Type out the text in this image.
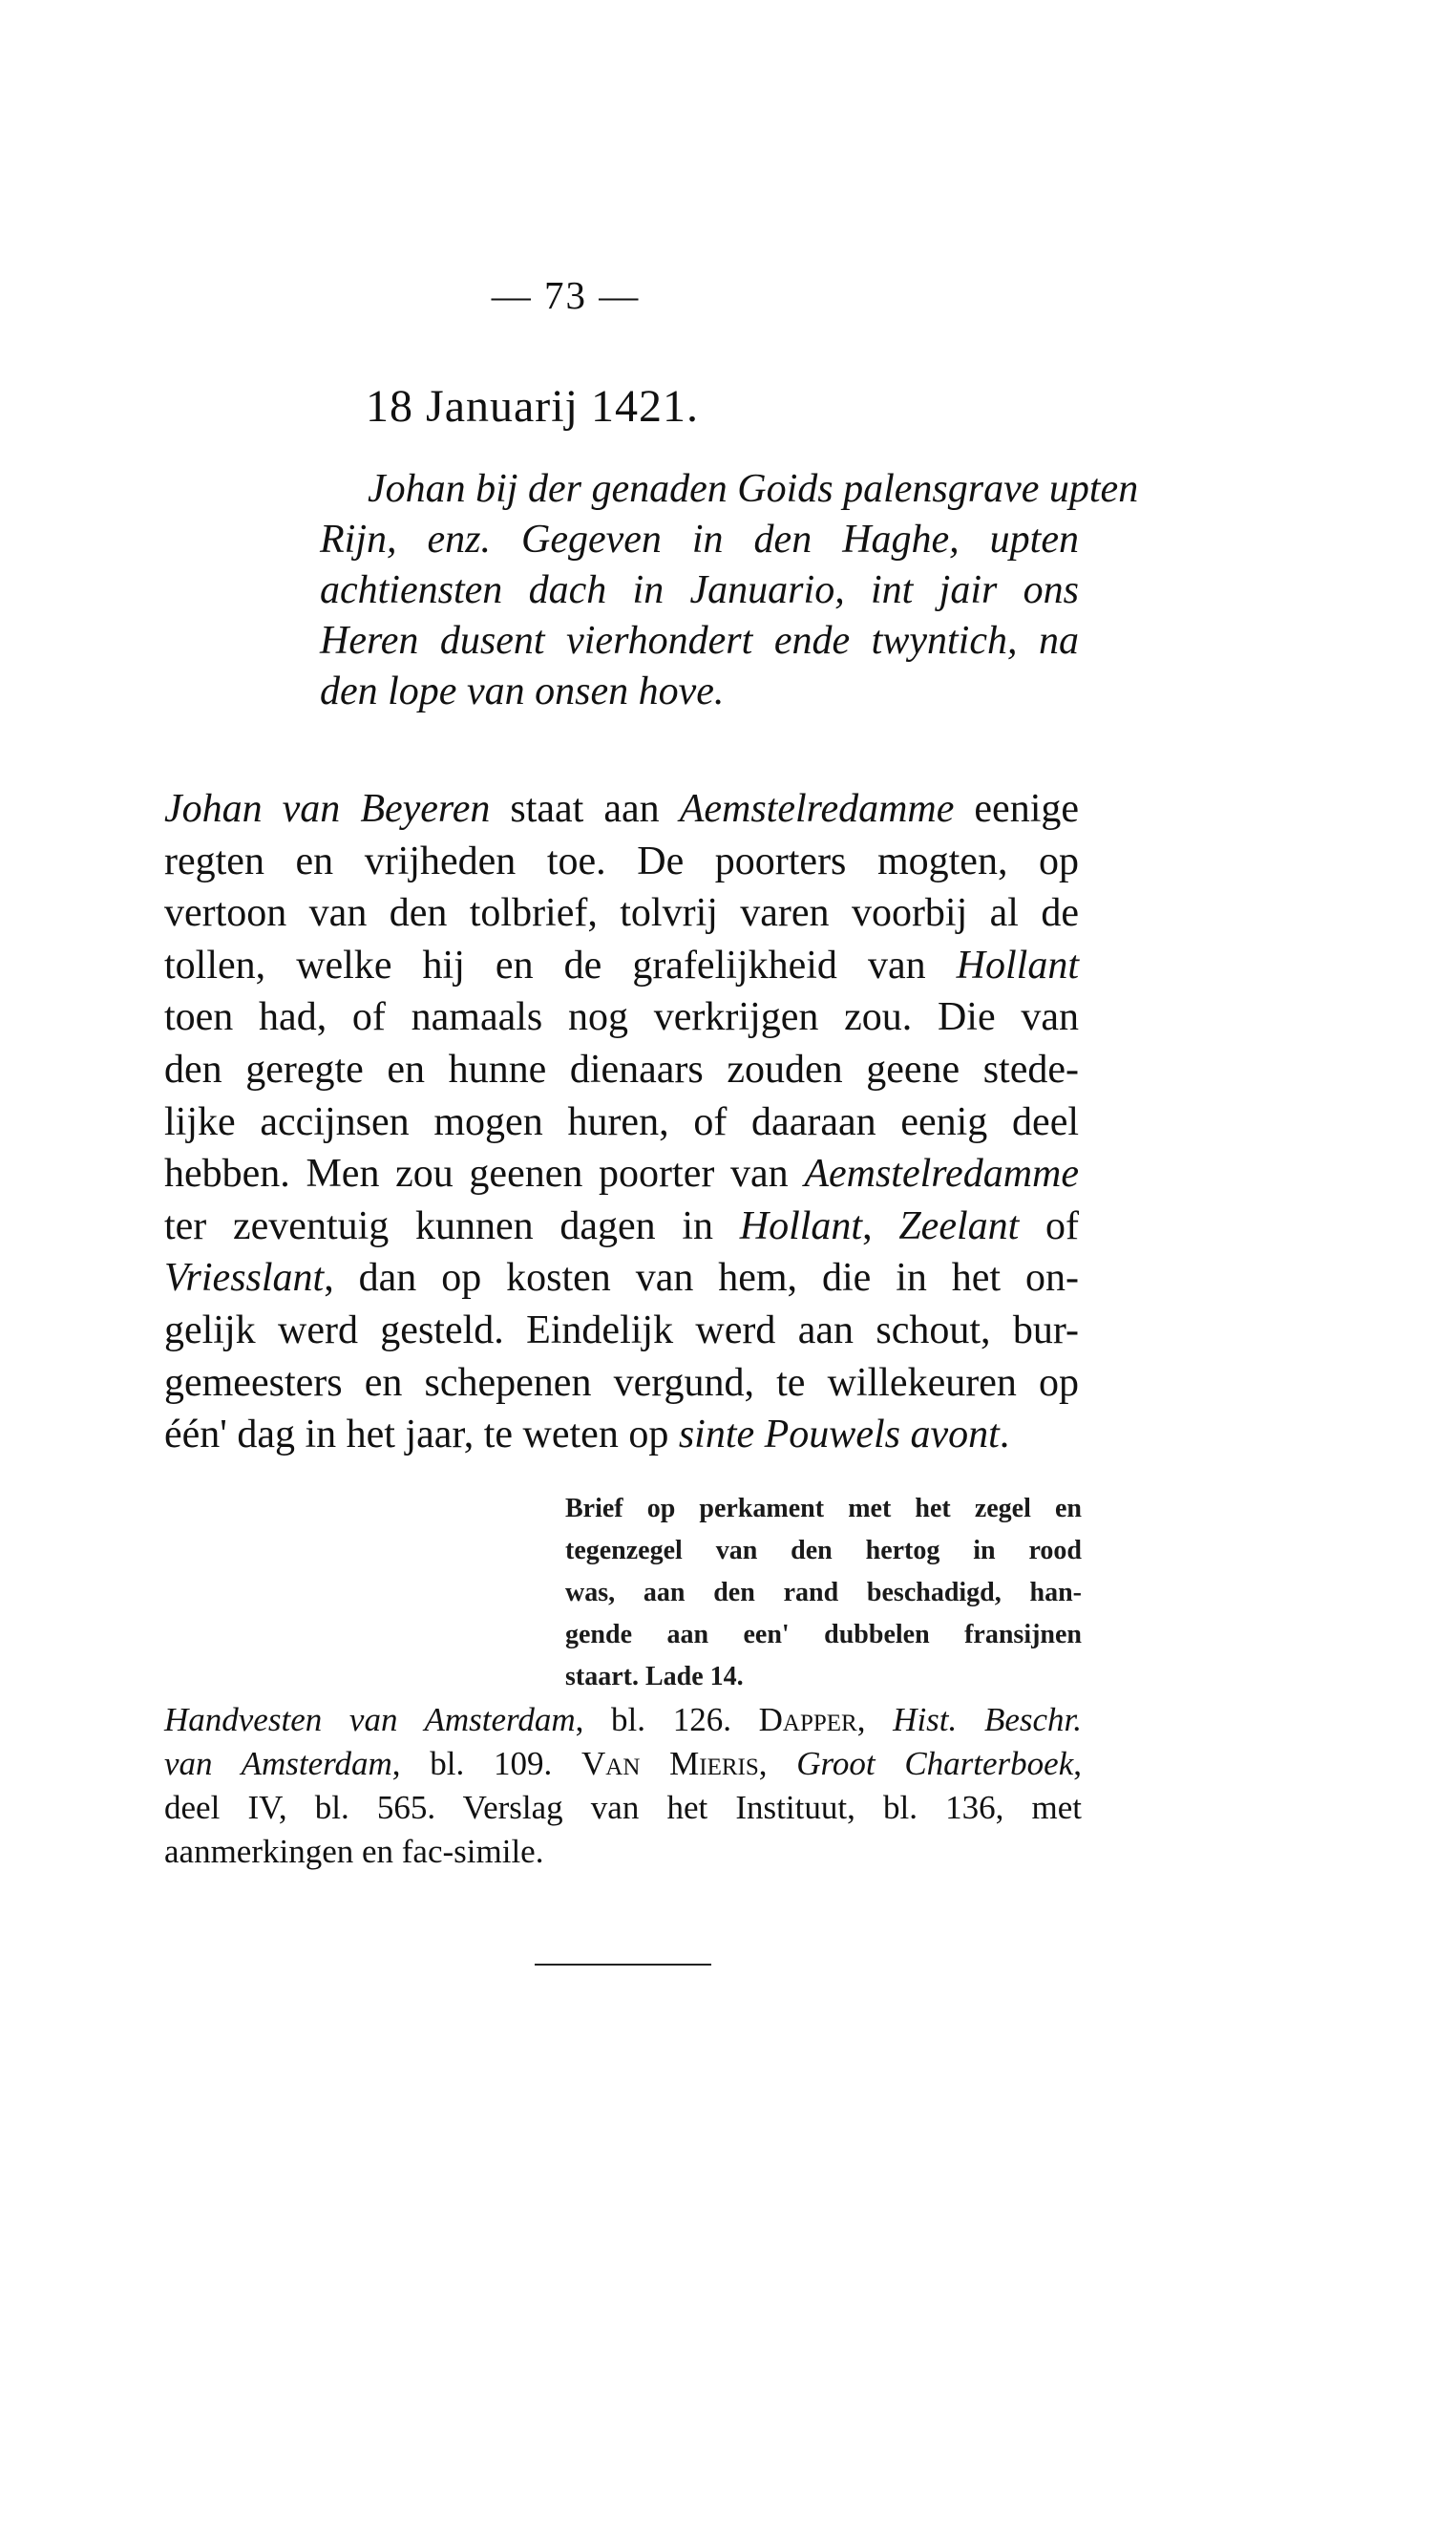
— 73 —
18 Januarij 1421.

Johan bij der genaden Goids palensgrave upten

Rijn, enz. Gegeven in den Haghe, upten

achtiensten dach in Januario, int jair ons

Heren dusent vierhondert ende twyntich, na

den lope van onsen hove.

Johan van Beyeren staat aan Aemstelredamme eenige

regten en vrijheden toe. De poorters mogten, op

vertoon van den tolbrief, tolvrij varen voorbij al de

tollen, welke hij en de grafelijkheid van Hollant

toen had, of namaals nog verkrijgen zou. Die van

den geregte en hunne dienaars zouden geene stede-

lijke accijnsen mogen huren, of daaraan eenig deel

hebben. Men zou geenen poorter van Aemstelredamme

ter zeventuig kunnen dagen in Hollant, Zeelant of

Vriesslant, dan op kosten van hem, die in het on-

gelijk werd gesteld. Eindelijk werd aan schout, bur-

gemeesters en schepenen vergund, te willekeuren op

één' dag in het jaar, te weten op sinte Pouwels avont.

Brief op perkament met het zegel en

tegenzegel van den hertog in rood

was, aan den rand beschadigd, han-

gende aan een' dubbelen fransijnen

staart. Lade 14.

Handvesten van Amsterdam, bl. 126. Dapper, Hist. Beschr.

van Amsterdam, bl. 109. Van Mieris, Groot Charterboek,

deel IV, bl. 565. Verslag van het Instituut, bl. 136, met

aanmerkingen en fac-simile.
